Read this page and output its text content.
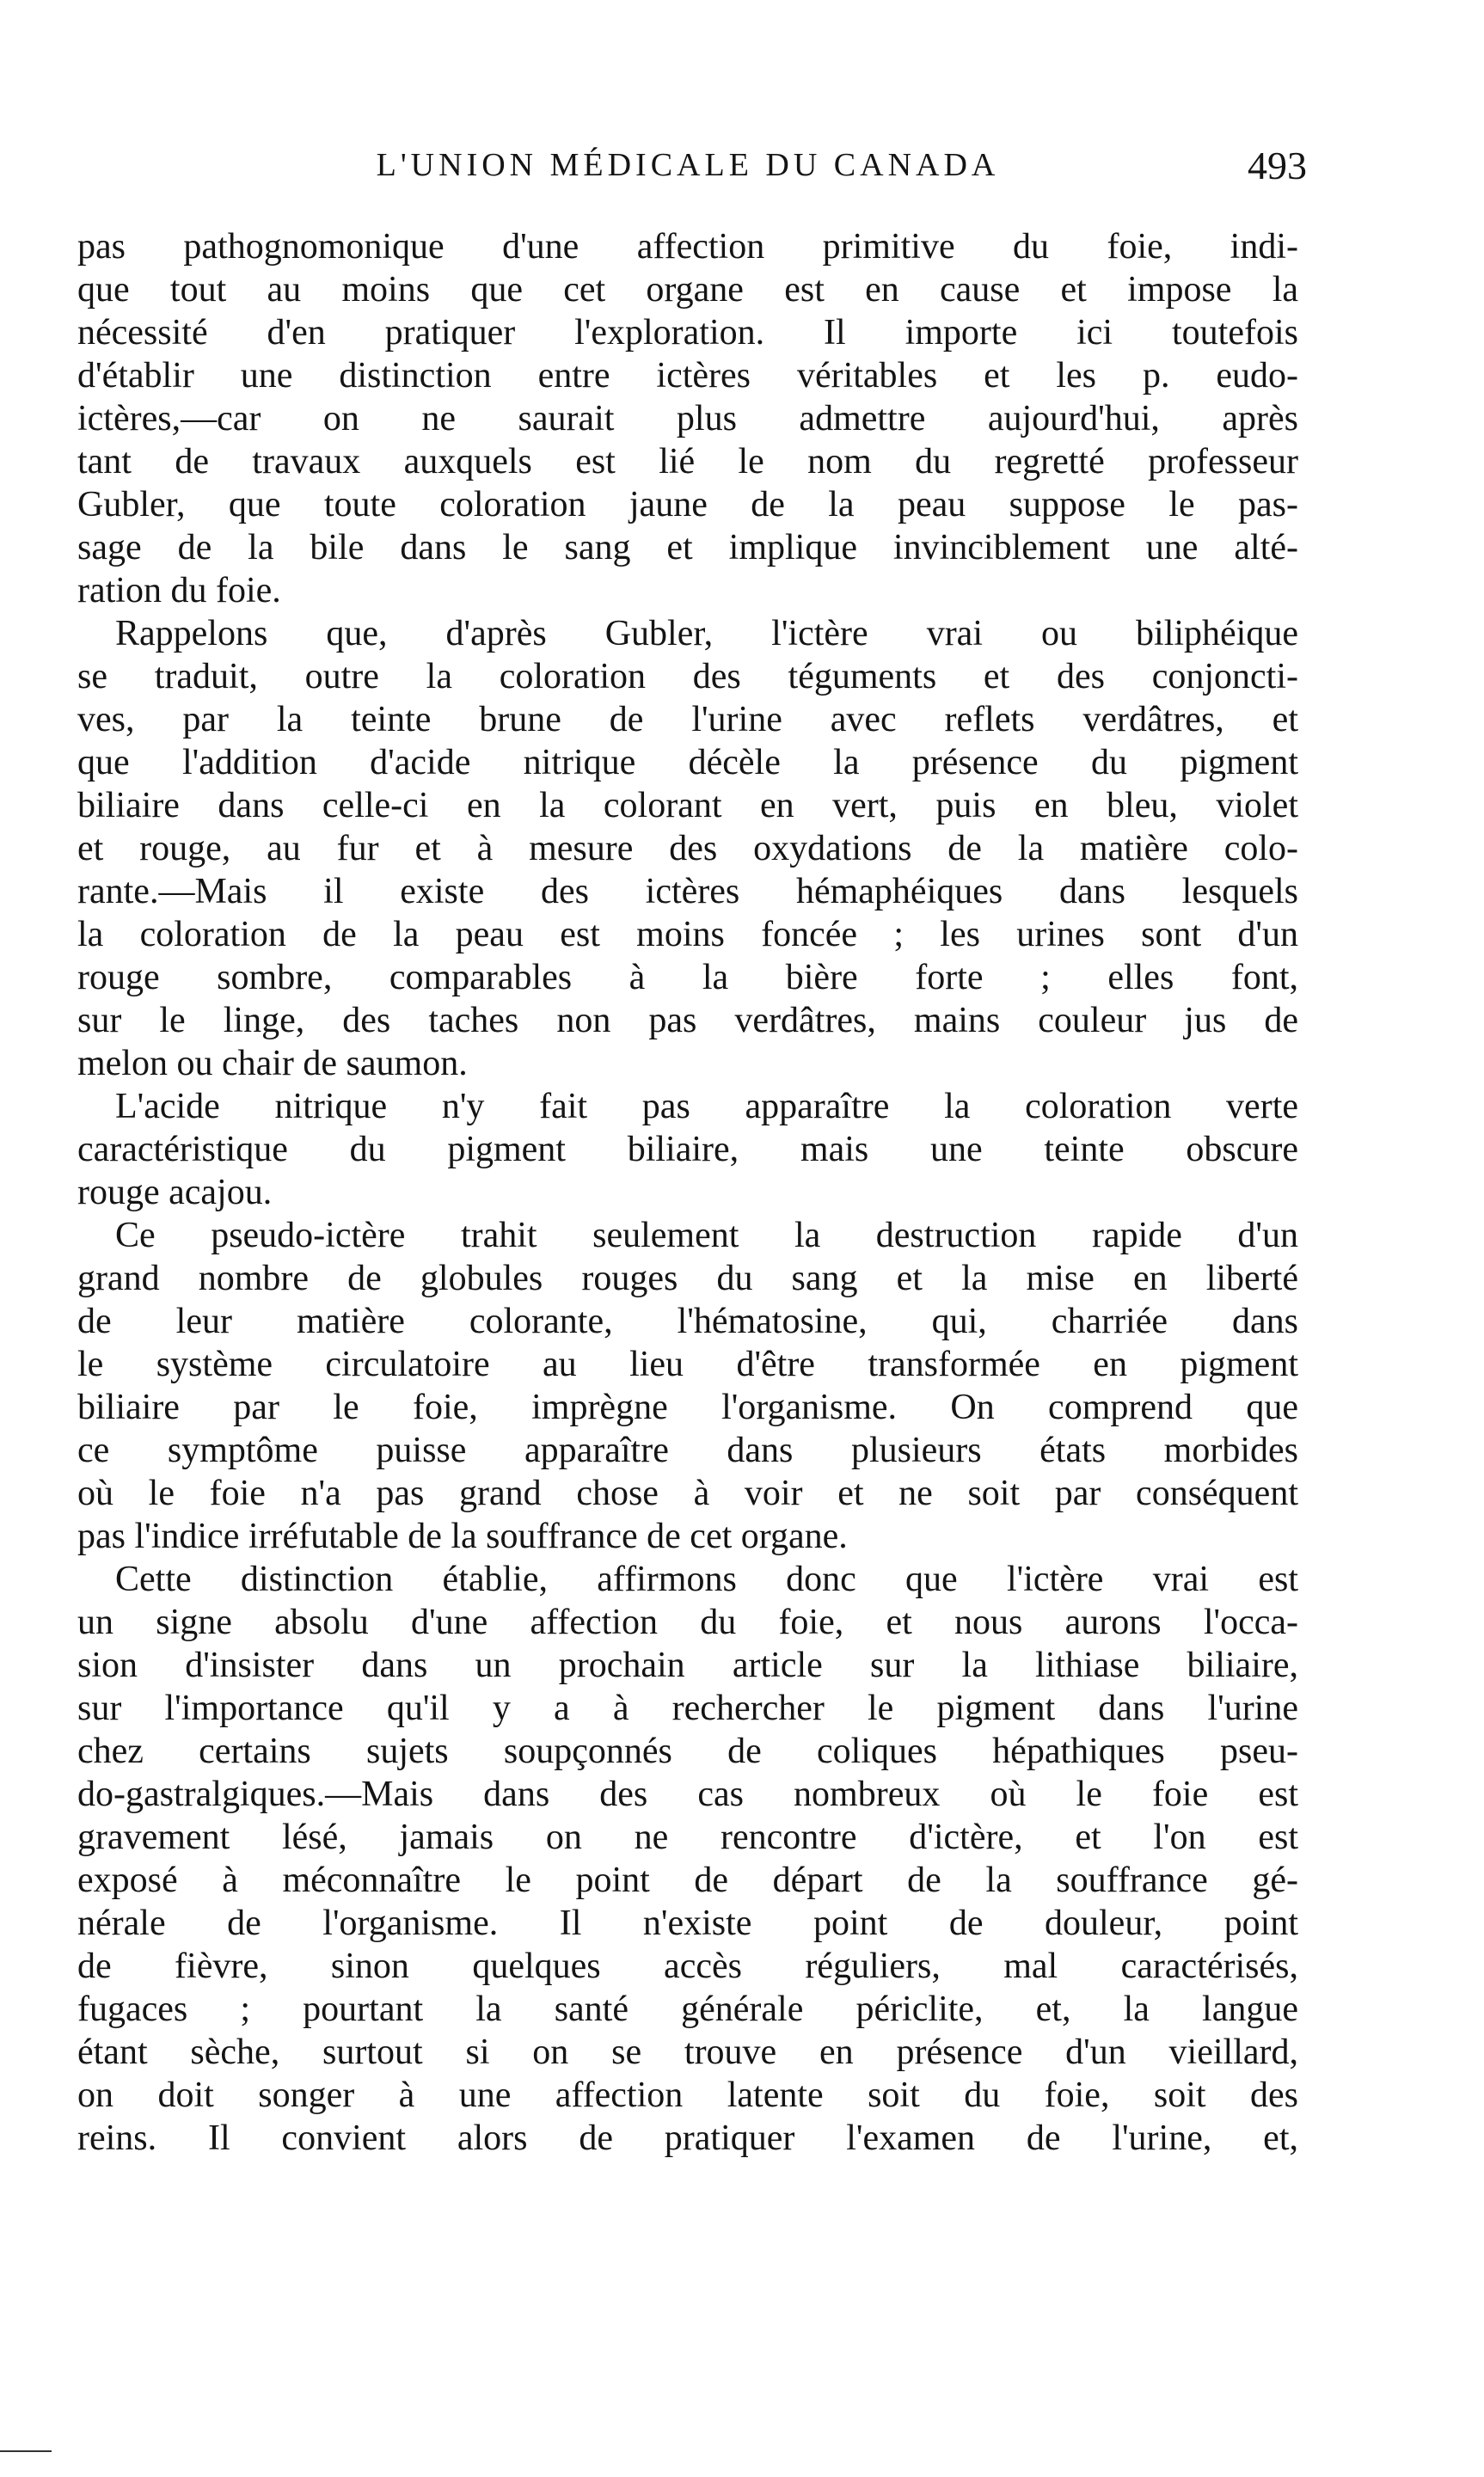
L'UNION MÉDICALE DU CANADA	493
pas pathognomonique d'une affection primitive du foie, indi-
que tout au moins que cet organe est en cause et impose la
nécessité d'en pratiquer l'exploration. Il importe ici toutefois
d'établir une distinction entre ictères véritables et les p. eudo-
ictères,—car on ne saurait plus admettre aujourd'hui, après
tant de travaux auxquels est lié le nom du regretté professeur
Gubler, que toute coloration jaune de la peau suppose le pas-
sage de la bile dans le sang et implique invinciblement une alté-
ration du foie.
Rappelons que, d'après Gubler, l'ictère vrai ou biliphéique
se traduit, outre la coloration des téguments et des conjoncti-
ves, par la teinte brune de l'urine avec reflets verdâtres, et
que l'addition d'acide nitrique décèle la présence du pigment
biliaire dans celle-ci en la colorant en vert, puis en bleu, violet
et rouge, au fur et à mesure des oxydations de la matière colo-
rante.—Mais il existe des ictères hémaphéiques dans lesquels
la coloration de la peau est moins foncée ; les urines sont d'un
rouge sombre, comparables à la bière forte ; elles font,
sur le linge, des taches non pas verdâtres, mains couleur jus de
melon ou chair de saumon.
L'acide nitrique n'y fait pas apparaître la coloration verte
caractéristique du pigment biliaire, mais une teinte obscure
rouge acajou.
Ce pseudo-ictère trahit seulement la destruction rapide d'un
grand nombre de globules rouges du sang et la mise en liberté
de leur matière colorante, l'hématosine, qui, charriée dans
le système circulatoire au lieu d'être transformée en pigment
biliaire par le foie, imprègne l'organisme. On comprend que
ce symptôme puisse apparaître dans plusieurs états morbides
où le foie n'a pas grand chose à voir et ne soit par conséquent
pas l'indice irréfutable de la souffrance de cet organe.
Cette distinction établie, affirmons donc que l'ictère vrai est
un signe absolu d'une affection du foie, et nous aurons l'occa-
sion d'insister dans un prochain article sur la lithiase biliaire,
sur l'importance qu'il y a à rechercher le pigment dans l'urine
chez certains sujets soupçonnés de coliques hépathiques pseu-
do-gastralgiques.—Mais dans des cas nombreux où le foie est
gravement lésé, jamais on ne rencontre d'ictère, et l'on est
exposé à méconnaître le point de départ de la souffrance gé-
nérale de l'organisme. Il n'existe point de douleur, point
de fièvre, sinon quelques accès réguliers, mal caractérisés,
fugaces ; pourtant la santé générale périclite, et, la langue
étant sèche, surtout si on se trouve en présence d'un vieillard,
on doit songer à une affection latente soit du foie, soit des
reins. Il convient alors de pratiquer l'examen de l'urine, et,
